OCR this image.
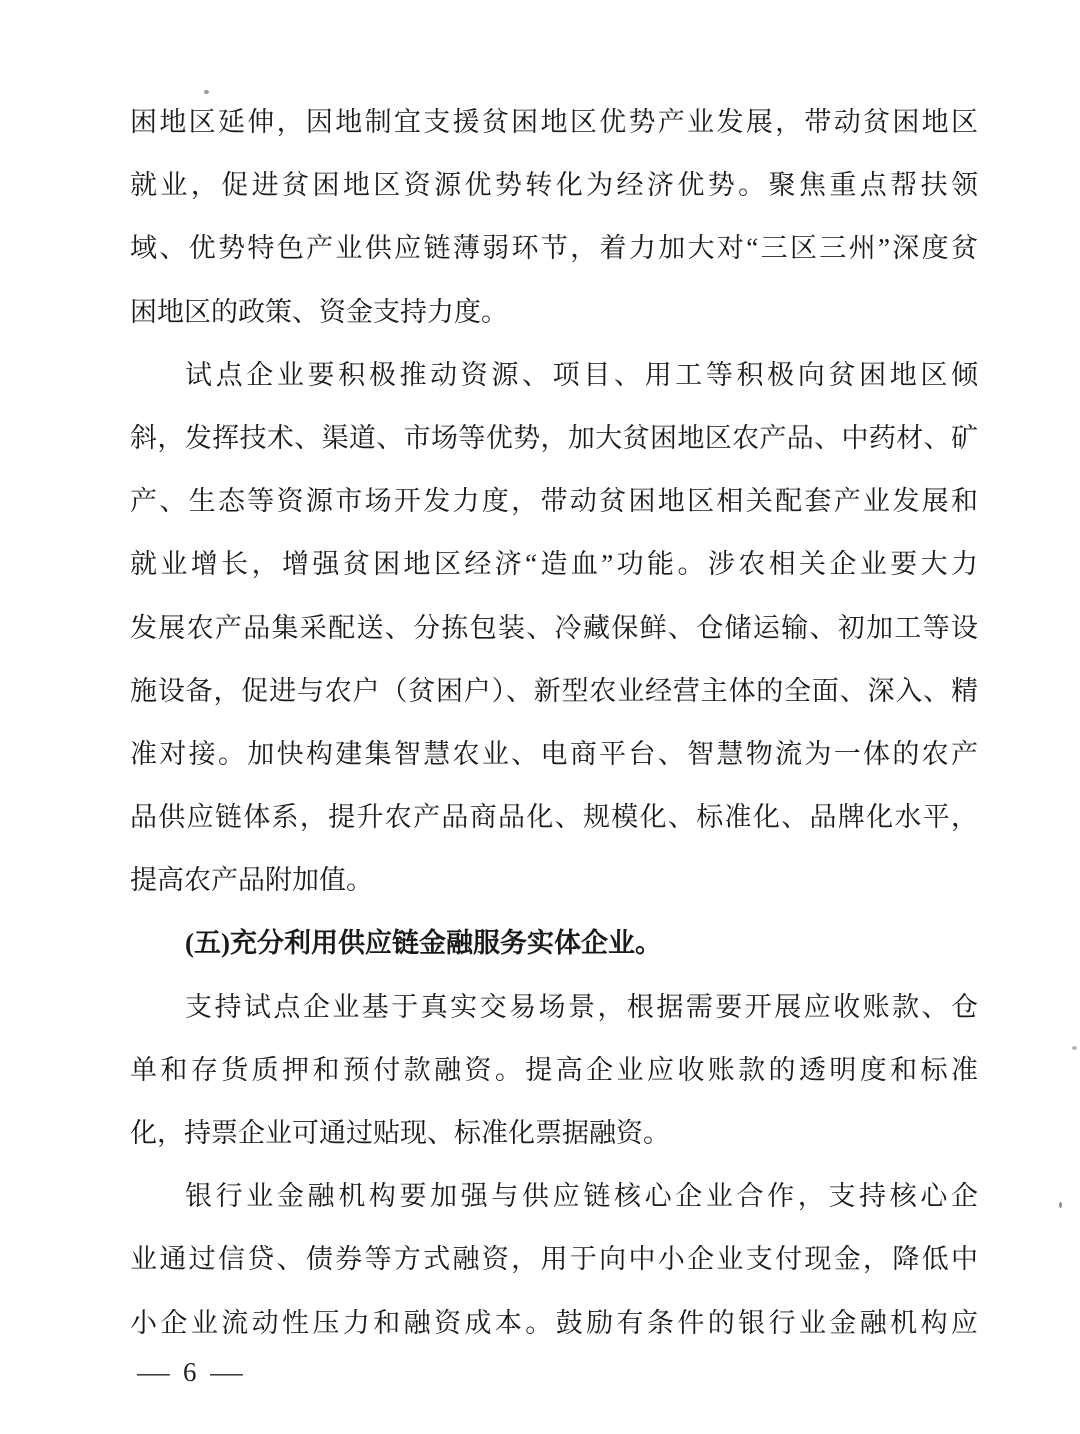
困地区延伸，因地制宜支援贫困地区优势产业发展，带动贫困地区
就业，促进贫困地区资源优势转化为经济优势。聚焦重点帮扶领
域、优势特色产业供应链薄弱环节，着力加大对“三区三州”深度贫
困地区的政策、资金支持力度。
试点企业要积极推动资源、项目、用工等积极向贫困地区倾
斜，发挥技术、渠道、市场等优势，加大贫困地区农产品、中药材、矿
产、生态等资源市场开发力度，带动贫困地区相关配套产业发展和
就业增长，增强贫困地区经济“造血”功能。涉农相关企业要大力
发展农产品集采配送、分拣包装、冷藏保鲜、仓储运输、初加工等设
施设备，促进与农户（贫困户）、新型农业经营主体的全面、深入、精
准对接。加快构建集智慧农业、电商平台、智慧物流为一体的农产
品供应链体系，提升农产品商品化、规模化、标准化、品牌化水平，
提高农产品附加值。
(五)充分利用供应链金融服务实体企业。
支持试点企业基于真实交易场景，根据需要开展应收账款、仓
单和存货质押和预付款融资。提高企业应收账款的透明度和标准
化，持票企业可通过贴现、标准化票据融资。
银行业金融机构要加强与供应链核心企业合作，支持核心企
业通过信贷、债券等方式融资，用于向中小企业支付现金，降低中
小企业流动性压力和融资成本。鼓励有条件的银行业金融机构应
— 6 —
